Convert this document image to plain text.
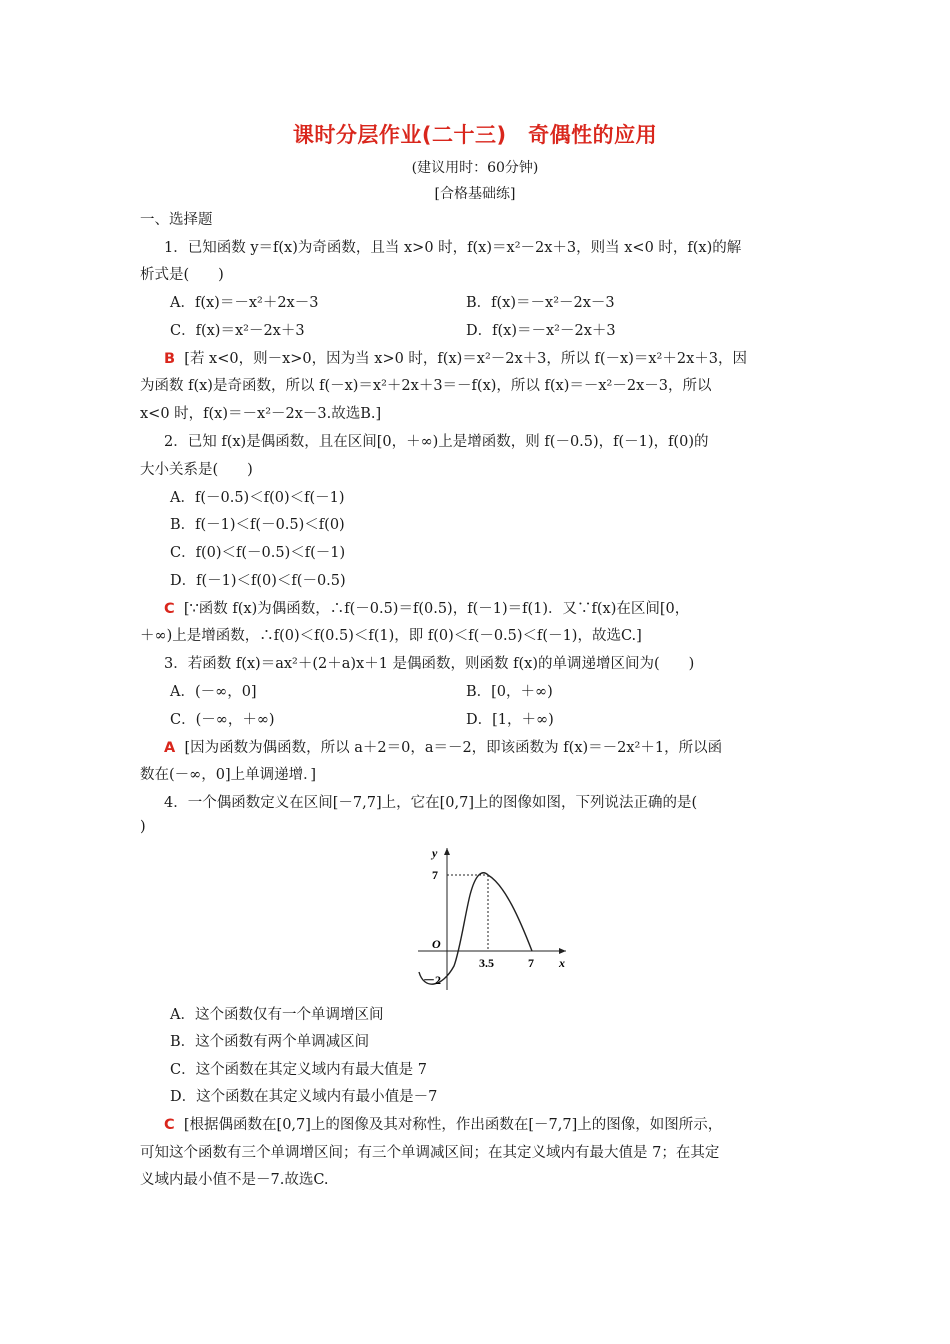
课时分层作业(二十三)　奇偶性的应用
(建议用时：60分钟)
[合格基础练]
一、选择题
1．已知函数 y＝f(x)为奇函数，且当 x>0 时，f(x)＝x²－2x＋3，则当 x<0 时，f(x)的解
析式是(　　)
A．f(x)＝－x²＋2x－3	B．f(x)＝－x²－2x－3
C．f(x)＝x²－2x＋3	D．f(x)＝－x²－2x＋3
B [若 x<0，则－x>0，因为当 x>0 时，f(x)＝x²－2x＋3，所以 f(－x)＝x²＋2x＋3，因
为函数 f(x)是奇函数，所以 f(－x)＝x²＋2x＋3＝－f(x)，所以 f(x)＝－x²－2x－3，所以
x<0 时，f(x)＝－x²－2x－3.故选B.]
2．已知 f(x)是偶函数，且在区间[0，＋∞)上是增函数，则 f(－0.5)，f(－1)，f(0)的
大小关系是(　　)
A．f(－0.5)＜f(0)＜f(－1)
B．f(－1)＜f(－0.5)＜f(0)
C．f(0)＜f(－0.5)＜f(－1)
D．f(－1)＜f(0)＜f(－0.5)
C [∵函数 f(x)为偶函数，∴f(－0.5)＝f(0.5)，f(－1)＝f(1)．又∵f(x)在区间[0，
＋∞)上是增函数，∴f(0)＜f(0.5)＜f(1)，即 f(0)＜f(－0.5)＜f(－1)，故选C.]
3．若函数 f(x)＝ax²＋(2＋a)x＋1 是偶函数，则函数 f(x)的单调递增区间为(　　)
A．(－∞，0]	B．[0，＋∞)
C．(－∞，＋∞)	D．[1，＋∞)
A [因为函数为偶函数，所以 a＋2＝0，a＝－2，即该函数为 f(x)＝－2x²＋1，所以函
数在(－∞，0]上单调递增．]
4．一个偶函数定义在区间[－7,7]上，它在[0,7]上的图像如图，下列说法正确的是(
)
y
x
7
－2
O
3.5	7
A．这个函数仅有一个单调增区间
B．这个函数有两个单调减区间
C．这个函数在其定义域内有最大值是 7
D．这个函数在其定义域内有最小值是－7
C [根据偶函数在[0,7]上的图像及其对称性，作出函数在[－7,7]上的图像，如图所示，
可知这个函数有三个单调增区间；有三个单调减区间；在其定义域内有最大值是 7；在其定
义域内最小值不是－7.故选C.
